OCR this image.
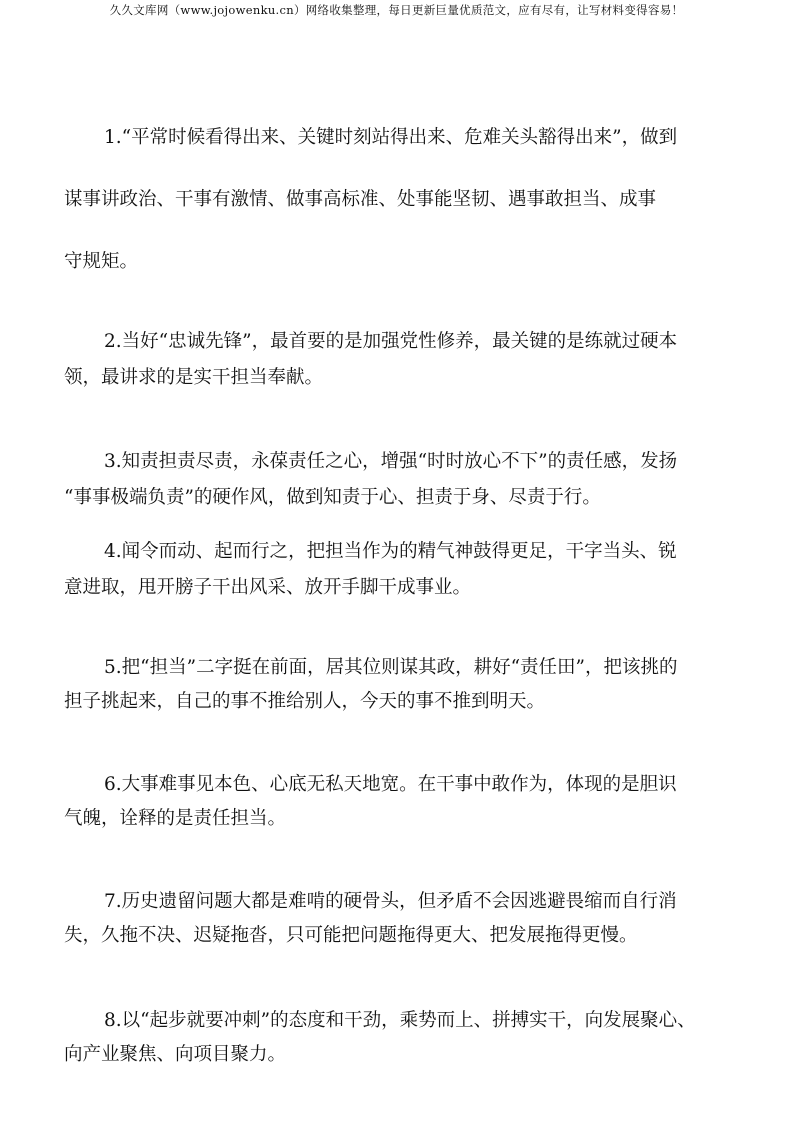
久久文库网（www.jojowenku.cn）网络收集整理，每日更新巨量优质范文，应有尽有，让写材料变得容易！
1.“平常时候看得出来、关键时刻站得出来、危难关头豁得出来”，做到
谋事讲政治、干事有激情、做事高标准、处事能坚韧、遇事敢担当、成事
守规矩。
2.当好“忠诚先锋”，最首要的是加强党性修养，最关键的是练就过硬本
领，最讲求的是实干担当奉献。
3.知责担责尽责，永葆责任之心，增强“时时放心不下”的责任感，发扬
“事事极端负责”的硬作风，做到知责于心、担责于身、尽责于行。
4.闻令而动、起而行之，把担当作为的精气神鼓得更足，干字当头、锐
意进取，甩开膀子干出风采、放开手脚干成事业。
5.把“担当”二字挺在前面，居其位则谋其政，耕好“责任田”，把该挑的
担子挑起来，自己的事不推给别人，今天的事不推到明天。
6.大事难事见本色、心底无私天地宽。在干事中敢作为，体现的是胆识
气魄，诠释的是责任担当。
7.历史遗留问题大都是难啃的硬骨头，但矛盾不会因逃避畏缩而自行消
失，久拖不决、迟疑拖沓，只可能把问题拖得更大、把发展拖得更慢。
8.以“起步就要冲刺”的态度和干劲，乘势而上、拼搏实干，向发展聚心、
向产业聚焦、向项目聚力。
